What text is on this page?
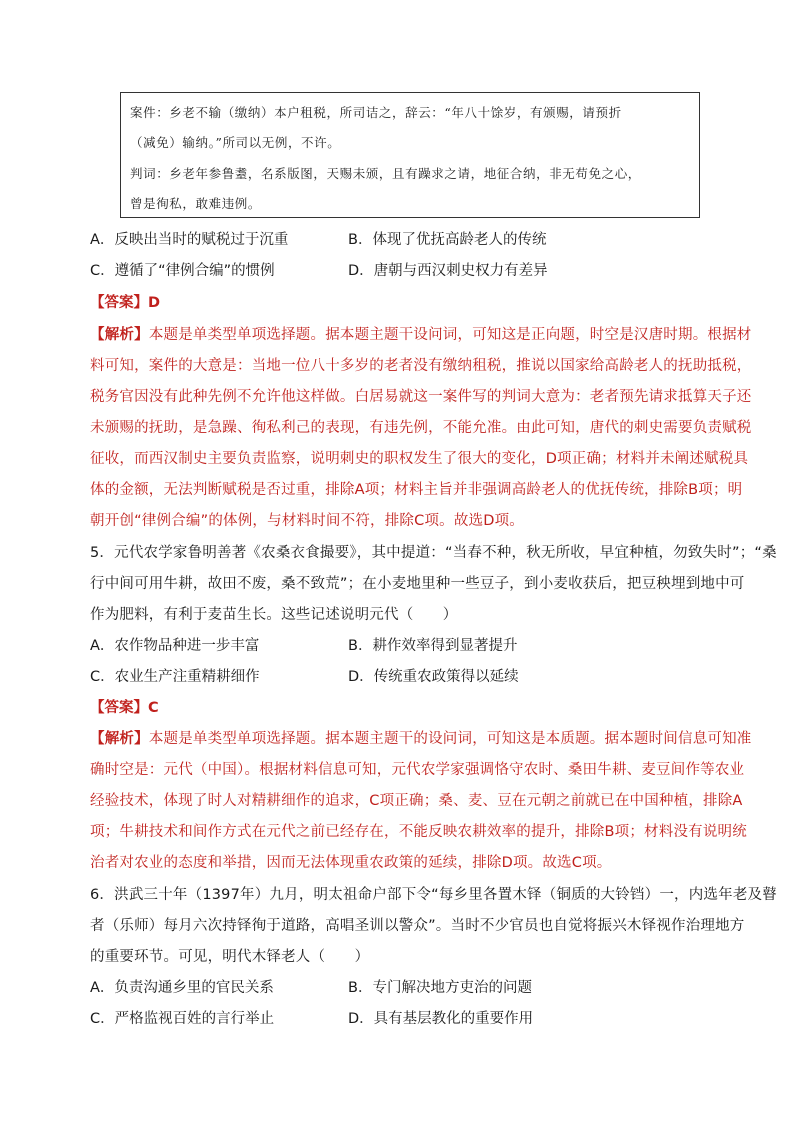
案件：乡老不输（缴纳）本户租税，所司诘之，辞云：“年八十馀岁，有颁赐，请预折
（减免）输纳。”所司以无例，不许。
判词：乡老年参鲁耋，名系版图，天赐未颁，且有躁求之请，地征合纳，非无苟免之心，
曾是徇私，敢难违例。
A．反映出当时的赋税过于沉重	B．体现了优抚高龄老人的传统
C．遵循了“律例合编”的惯例	D．唐朝与西汉刺史权力有差异
【答案】D
【解析】本题是单类型单项选择题。据本题主题干设问词，可知这是正向题，时空是汉唐时期。根据材
料可知，案件的大意是：当地一位八十多岁的老者没有缴纳租税，推说以国家给高龄老人的抚助抵税，
税务官因没有此种先例不允许他这样做。白居易就这一案件写的判词大意为：老者预先请求抵算天子还
未颁赐的抚助，是急躁、徇私利己的表现，有违先例，不能允准。由此可知，唐代的刺史需要负责赋税
征收，而西汉制史主要负责监察，说明刺史的职权发生了很大的变化，D项正确；材料并未阐述赋税具
体的金额，无法判断赋税是否过重，排除A项；材料主旨并非强调高龄老人的优抚传统，排除B项；明
朝开创“律例合编”的体例，与材料时间不符，排除C项。故选D项。
5．元代农学家鲁明善著《农桑衣食撮要》，其中提道：“当春不种，秋无所收，早宜种植，勿致失时”；“桑
行中间可用牛耕，故田不废，桑不致荒”；在小麦地里种一些豆子，到小麦收获后，把豆秧埋到地中可
作为肥料，有利于麦苗生长。这些记述说明元代（　　）
A．农作物品种进一步丰富	B．耕作效率得到显著提升
C．农业生产注重精耕细作	D．传统重农政策得以延续
【答案】C
【解析】本题是单类型单项选择题。据本题主题干的设问词，可知这是本质题。据本题时间信息可知准
确时空是：元代（中国）。根据材料信息可知，元代农学家强调恪守农时、桑田牛耕、麦豆间作等农业
经验技术，体现了时人对精耕细作的追求，C项正确；桑、麦、豆在元朝之前就已在中国种植，排除A
项；牛耕技术和间作方式在元代之前已经存在，不能反映农耕效率的提升，排除B项；材料没有说明统
治者对农业的态度和举措，因而无法体现重农政策的延续，排除D项。故选C项。
6．洪武三十年（1397年）九月，明太祖命户部下令“每乡里各置木铎（铜质的大铃铛）一，内选年老及瞽
者（乐师）每月六次持铎徇于道路，高唱圣训以警众”。当时不少官员也自觉将振兴木铎视作治理地方
的重要环节。可见，明代木铎老人（　　）
A．负责沟通乡里的官民关系	B．专门解决地方吏治的问题
C．严格监视百姓的言行举止	D．具有基层教化的重要作用
